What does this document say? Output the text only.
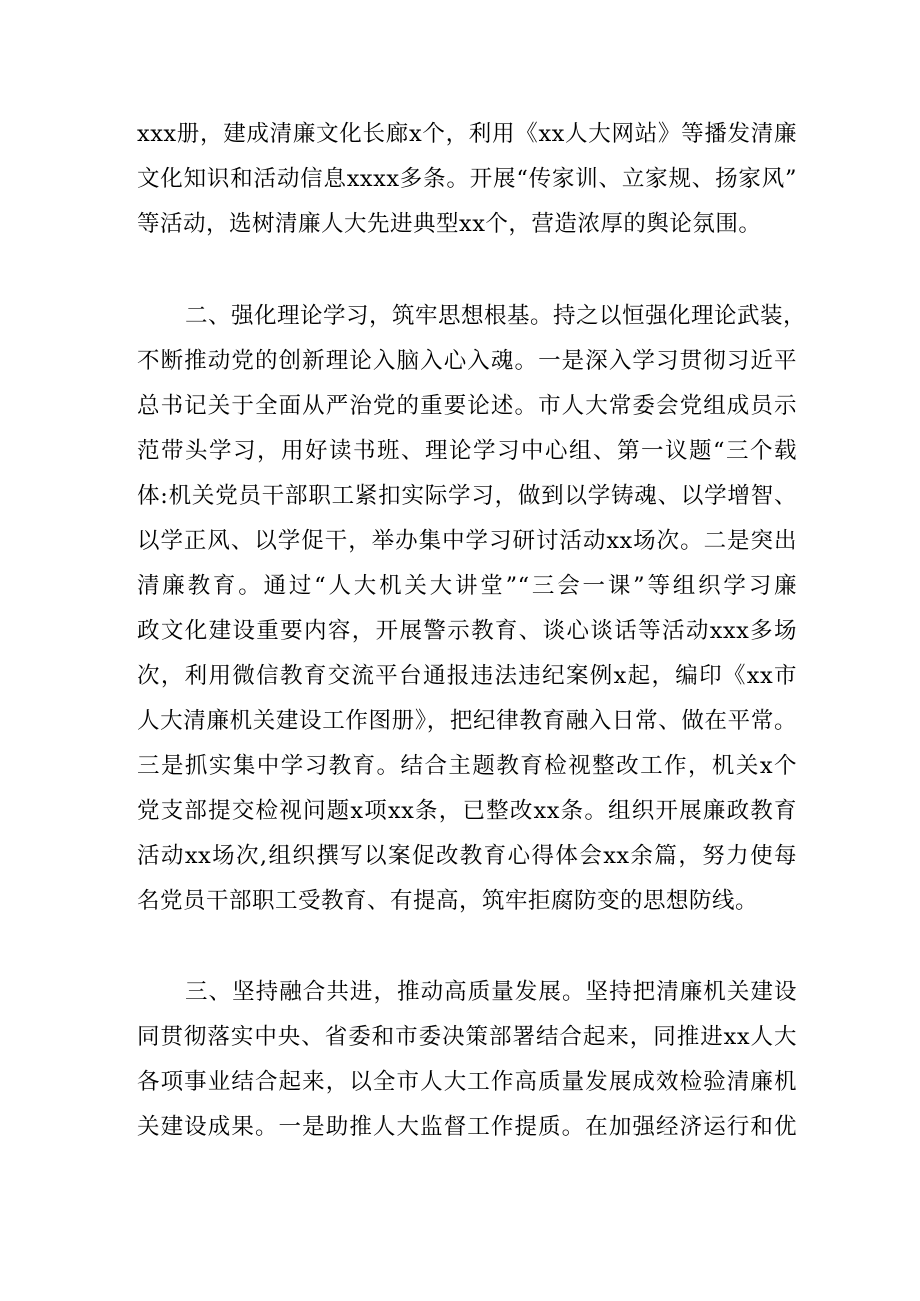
xxx册，建成清廉文化长廊x个，利用《xx人大网站》等播发清廉
文化知识和活动信息xxxx多条。开展“传家训、立家规、扬家风”
等活动，选树清廉人大先进典型xx个，营造浓厚的舆论氛围。
二、强化理论学习，筑牢思想根基。持之以恒强化理论武装，
不断推动党的创新理论入脑入心入魂。一是深入学习贯彻习近平
总书记关于全面从严治党的重要论述。市人大常委会党组成员示
范带头学习，用好读书班、理论学习中心组、第一议题“三个载
体:机关党员干部职工紧扣实际学习，做到以学铸魂、以学增智、
以学正风、以学促干，举办集中学习研讨活动xx场次。二是突出
清廉教育。通过“人大机关大讲堂”“三会一课”等组织学习廉
政文化建设重要内容，开展警示教育、谈心谈话等活动xxx多场
次，利用微信教育交流平台通报违法违纪案例x起，编印《xx市
人大清廉机关建设工作图册》，把纪律教育融入日常、做在平常。
三是抓实集中学习教育。结合主题教育检视整改工作，机关x个
党支部提交检视问题x项xx条，已整改xx条。组织开展廉政教育
活动xx场次,组织撰写以案促改教育心得体会xx余篇，努力使每
名党员干部职工受教育、有提高，筑牢拒腐防变的思想防线。
三、坚持融合共进，推动高质量发展。坚持把清廉机关建设
同贯彻落实中央、省委和市委决策部署结合起来，同推进xx人大
各项事业结合起来，以全市人大工作高质量发展成效检验清廉机
关建设成果。一是助推人大监督工作提质。在加强经济运行和优
